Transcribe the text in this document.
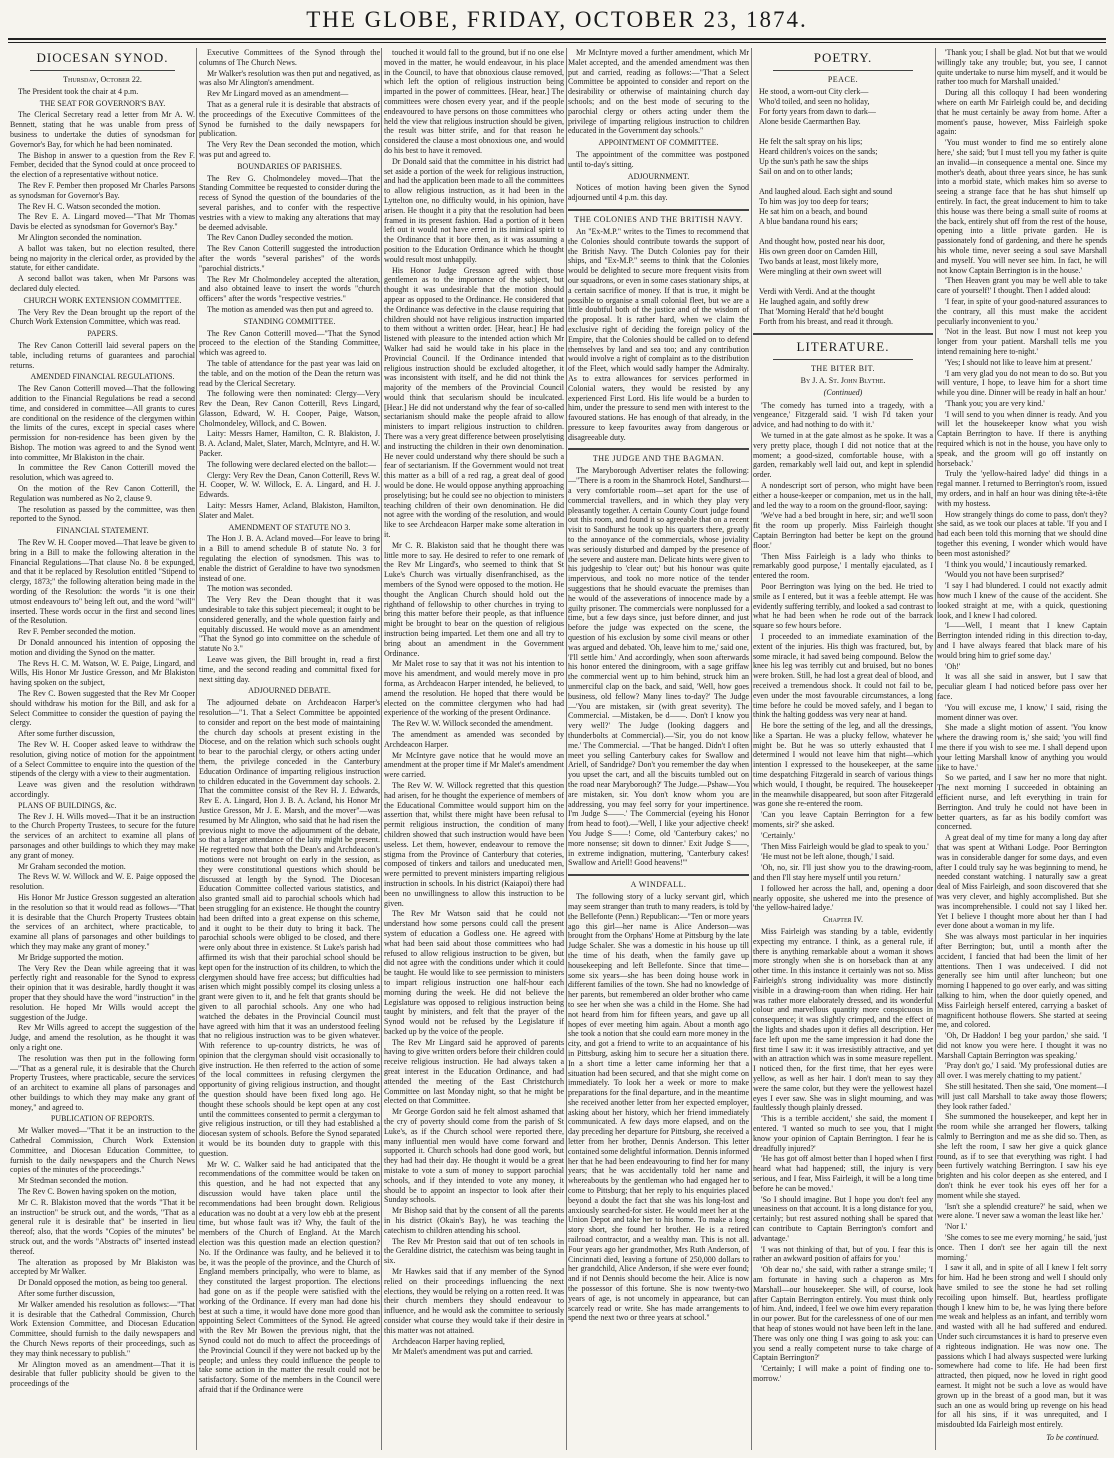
THE GLOBE, FRIDAY, OCTOBER 23, 1874.
DIOCESAN SYNOD.
Thursday, October 22.

The President took the chair at 4 p.m.

THE SEAT FOR GOVERNOR'S BAY.

The Clerical Secretary read a letter from Mr A. W. Bennett, stating that he was unable from press of business to undertake the duties of synodsman for Governor's Bay, for which he had been nominated.

The Bishop in answer to a question from the Rev F. Fember, decided that the Synod could at once proceed to the election of a representative without notice.

The Rev F. Pember then proposed Mr Charles Parsons as synodsman for Governor's Bay.

The Rev H. C. Watson seconded the motion.

The Rev E. A. Lingard moved—"That Mr Thomas Davis be elected as synodsman for Governor's Bay."

Mr Alington seconded the nomination.

A ballot was taken, but no election resulted, there being no majority in the clerical order, as provided by the statute, for either candidate.

A second ballot was taken, when Mr Parsons was declared duly elected.

CHURCH WORK EXTENSION COMMITTEE.

The Very Rev the Dean brought up the report of the Church Work Extension Committee, which was read.

PAPERS.

The Rev Canon Cotterill laid several papers on the table, including returns of guarantees and parochial returns.

AMENDED FINANCIAL REGULATIONS.

The Rev Canon Cotterill moved—That the following addition to the Financial Regulations be read a second time, and considered in committee—All grants to cures are conditional on the residence of the clergymen within the limits of the cures, except in special cases where permission for non-residence has been given by the Bishop. The motion was agreed to and the Synod went into committee, Mr Blakiston in the chair.

In committee the Rev Canon Cotterill moved the resolution, which was agreed to.

On the motion of the Rev Canon Cotterill, the Regulation was numbered as No 2, clause 9.

The resolution as passed by the committee, was then reported to the Synod.

FINANCIAL STATEMENT.

The Rev W. H. Cooper moved—That leave be given to bring in a Bill to make the following alteration in the Financial Regulations—That clause No. 8 be expunged, and that it be replaced by Resolution entitled "Stipend to clergy, 1873;" the following alteration being made in the wording of the Resolution: the words "it is one their utmost endeavours to" being left out, and the word "will" inserted. These words occur in the first and second lines of the Resolution.

Rev F. Pember seconded the motion.

Dr Donald announced his intention of opposing the motion and dividing the Synod on the matter.

The Revs H. C. M. Watson, W. E. Paige, Lingard, and Wills, His Honor Mr Justice Gresson, and Mr Blakiston having spoken on the subject,

The Rev C. Bowen suggested that the Rev Mr Cooper should withdraw his motion for the Bill, and ask for a Select Committee to consider the question of paying the clergy.

After some further discussion,

The Rev W. H. Cooper asked leave to withdraw the resolution, giving notice of motion for the appointment of a Select Committee to enquire into the question of the stipends of the clergy with a view to their augmentation.

Leave was given and the resolution withdrawn accordingly.

PLANS OF BUILDINGS, &c.

The Rev J. H. Wills moved—That it be an instruction to the Church Property Trustees, to secure for the future the services of an architect to examine all plans of parsonages and other buildings to which they may make any grant of money.

Mr Graham seconded the motion.

The Revs W. W. Willock and W. E. Paige opposed the resolution.

His Honor Mr Justice Gresson suggested an alteration in the resolution so that it would read as follows—"That it is desirable that the Church Property Trustees obtain the services of an architect, where practicable, to examine all plans of parsonages and other buildings to which they may make any grant of money."

Mr Bridge supported the motion.

The Very Rev the Dean while agreeing that it was perfectly right and reasonable for the Synod to express their opinion that it was desirable, hardly thought it was proper that they should have the word "instruction" in the resolution. He hoped Mr Wills would accept the suggestion of the Judge.

Rev Mr Wills agreed to accept the suggestion of the Judge, and amend the resolution, as he thought it was only a right one.

The resolution was then put in the following form—"That as a general rule, it is desirable that the Church Property Trustees, where practicable, secure the services of an architect to examine all plans of parsonages and other buildings to which they may make any grant of money," and agreed to.

PUBLICATION OF REPORTS.

Mr Walker moved—"That it be an instruction to the Cathedral Commission, Church Work Extension Committee, and Diocesan Education Committee, to furnish to the daily newspapers and the Church News copies of the minutes of the proceedings."

Mr Stedman seconded the motion.

The Rev C. Bowen having spoken on the motion,

Mr C. R. Blakiston moved that the words "That it be an instruction" be struck out, and the words, "That as a general rule it is desirable that" be inserted in lieu thereof; also, that the words "Copies of the minutes" be struck out, and the words "Abstracts of" inserted instead thereof.

The alteration as proposed by Mr Blakiston was accepted by Mr Walker.

Dr Donald opposed the motion, as being too general.

After some further discussion,

Mr Walker amended his resolution as follows:—"That it is desirable that the Cathedral Commission, Church Work Extension Committee, and Diocesan Education Committee, should furnish to the daily newspapers and the Church News reports of their proceedings, such as they may think necessary to publish."

Mr Alington moved as an amendment—That it is desirable that fuller publicity should be given to the proceedings of the

Executive Committees of the Synod through the columns of The Church News.

Mr Walker's resolution was then put and negatived, as was also Mr Alington's amendment.

Rev Mr Lingard moved as an amendment—

That as a general rule it is desirable that abstracts of the proceedings of the Executive Committees of the Synod be furnished to the daily newspapers for publication.

The Very Rev the Dean seconded the motion, which was put and agreed to.

BOUNDARIES OF PARISHES.

The Rev G. Cholmondeley moved—That the Standing Committee be requested to consider during the recess of Synod the question of the boundaries of the several parishes, and to confer with the respective vestries with a view to making any alterations that may be deemed advisable.

The Rev Canon Dudley seconded the motion.

The Rev Canon Cotterill suggested the introduction after the words "several parishes" of the words "parochial districts."

The Rev Mr Cholmondeley accepted the alteration, and also obtained leave to insert the words "church officers" after the words "respective vestries."

The motion as amended was then put and agreed to.

STANDING COMMITTEE.

The Rev Canon Cotterill moved—"That the Synod proceed to the election of the Standing Committee, which was agreed to.

The table of attendance for the past year was laid on the table, and on the motion of the Dean the return was read by the Clerical Secretary.

The following were then nominated: Clergy—Very Rev the Dean, Rev Canon Cotterill, Revs Lingard, Glasson, Edward, W. H. Cooper, Paige, Watson, Cholmondeley, Willock, and C. Bowen.

Laity: Messrs Hamer, Hamilton, C. R. Blakiston, J. B. A. Acland, Malet, Slater, March, McIntyre, and H. W. Packer.

The following were declared elected on the ballot:—

Clergy: Very Rev the Dean, Canon Cotterill, Revs W. H. Cooper, W. W. Willock, E. A. Lingard, and H. J. Edwards.

Laity: Messrs Hamer, Acland, Blakiston, Hamilton, Slater and Malet.

AMENDMENT OF STATUTE NO 3.

The Hon J. B. A. Acland moved—For leave to bring in a Bill to amend schedule B of statute No. 3 for regulating the election of synodsmen. This was to enable the district of Geraldine to have two synodsmen instead of one.

The motion was seconded.

The Very Rev the Dean thought that it was undesirable to take this subject piecemeal; it ought to be considered generally, and the whole question fairly and equitably discussed. He would move as an amendment "That the Synod go into committee on the schedule of statute No 3."

Leave was given, the Bill brought in, read a first time, and the second reading and committal fixed for next sitting day.

ADJOURNED DEBATE.

The adjourned debate on Archdeacon Harper's resolution—"1. That a Select Committee be appointed to consider and report on the best mode of maintaining the church day schools at present existing in the Diocese, and on the relation which such schools ought to bear to the parochial clergy, or others acting under them, the privilege conceded in the Canterbury Education Ordinance of imparting religious instruction to children educated in the Government day schools. 2. That the committee consist of the Rev H. J. Edwards, Rev E. A. Lingard, Hon J. B. A. Acland, his Honor Mr Justice Gresson, Mr J. E. Marsh, and the mover"—was resumed by Mr Alington, who said that he had risen the previous night to move the adjournment of the debate, so that a larger attendance of the laity might be present. He regretted now that both the Dean's and Archdeacon's motions were not brought on early in the session, as they were constitutional questions which should be discussed at length by the Synod. The Diocesan Education Committee collected various statistics, and also granted small aid to parochial schools which had been struggling for an existence. He thought the country had been drifted into a great expense on this scheme, and it ought to be their duty to bring it back. The parochial schools were obliged to be closed, and there were only about three in existence. St Luke's parish had affirmed its wish that their parochial school should be kept open for the instruction of its children, to which the clergymen should have free access; but difficulties had arisen which might possibly compel its closing unless a grant were given to it, and he felt that grants should be given to all parochial schools. Any one who had watched the debates in the Provincial Council must have agreed with him that it was an understood feeling that no religious instruction was to be given whatever. With reference to up-country districts, he was of opinion that the clergyman should visit occasionally to give instruction. He then referred to the action of some of the local committees in refusing clergymen the opportunity of giving religious instruction, and thought the question should have been fixed long ago. He thought these schools should be kept open at any cost until the committees consented to permit a clergyman to give religious instruction, or till they had established a diocesan system of schools. Before the Synod separated it would be its bounden duty to grapple with this question.

Mr W. C. Walker said he had anticipated that the recommendations of the committee would be taken on this question, and he had not expected that any discussion would have taken place until the recommendations had been brought down. Religious education was no doubt at a very low ebb at the present time, but whose fault was it? Why, the fault of the members of the Church of England. At the March election was this question made an election question? No. If the Ordinance was faulty, and he believed it to be, it was the people of the province, and the Church of England members principally, who were to blame, as they constituted the largest proportion. The elections had gone on as if the people were satisfied with the working of the Ordinance. If every man had done his best at such a time, it would have done more good than appointing Select Committees of the Synod. He agreed with the Rev Mr Bowen the previous night, that the Synod could not do much to affect the proceedings of the Provincial Council if they were not backed up by the people; and unless they could influence the people to take some action in the matter the result could not be satisfactory. Some of the members in the Council were afraid that if the Ordinance were

touched it would fall to the ground, but if no one else moved in the matter, he would endeavour, in his place in the Council, to have that obnoxious clause removed, which left the option of religious instruction being imparted in the power of committees. [Hear, hear.] The committees were chosen every year, and if the people endeavoured to have persons on those committees who held the view that religious instruction should be given, the result was bitter strife, and for that reason he considered the clause a most obnoxious one, and would do his best to have it removed.

Dr Donald said that the committee in his district had set aside a portion of the week for religious instruction, and had the application been made to all the committees to allow religious instruction, as it had been in the Lyttelton one, no difficulty would, in his opinion, have arisen. He thought it a pity that the resolution had been framed in its present fashion. Had a portion of it been left out it would not have erred in its inimical spirit to the Ordinance that it bore then, as it was assuming a position to the Education Ordinance which he thought would result most unhappily.

His Honor Judge Gresson agreed with those gentlemen as to the importance of the subject, but thought it was undesirable that the motion should appear as opposed to the Ordinance. He considered that the Ordinance was defective in the clause requiring that children should not have religious instruction imparted to them without a written order. [Hear, hear.] He had listened with pleasure to the intended action which Mr Walker had said he would take in his place in the Provincial Council. If the Ordinance intended that religious instruction should be excluded altogether, it was inconsistent with itself, and he did not think the majority of the members of the Provincial Council would think that secularism should be inculcated. [Hear.] He did not understand why the fear of so-called sectarianism should make the people afraid to allow ministers to impart religious instruction to children. There was a very great difference between proselytising and instructing the children in their own denomination. He never could understand why there should be such a fear of sectarianism. If the Government would not treat this matter as a bill of a red rag, a great deal of good would be done. He would oppose anything approaching proselytising; but he could see no objection to ministers teaching children of their own denomination. He did not agree with the wording of the resolution, and would like to see Archdeacon Harper make some alteration in it.

Mr C. R. Blakiston said that he thought there was little more to say. He desired to refer to one remark of the Rev Mr Lingard's, who seemed to think that St Luke's Church was virtually disenfranchised, as the members of the Synod were opposed to the motion. He thought the Anglican Church should hold out the righthand of fellowship to other churches in trying to bring this matter before their people, as that influence might be brought to bear on the question of religious instruction being imparted. Let them one and all try to bring about an amendment in the Government Ordinance.

Mr Malet rose to say that it was not his intention to move his amendment, and would merely move in pro forma, as Archdeacon Harper intended, he believed, to amend the resolution. He hoped that there would be elected on the committee clergymen who had had experience of the working of the present Ordinance.

The Rev W. W. Willock seconded the amendment.

The amendment as amended was seconded by Archdeacon Harper.

Mr McIntyre gave notice that he would move an amendment at the proper time if Mr Malet's amendment were carried.

The Rev W. W. Willock regretted that this question had arisen, for he thought the experience of members of the Educational Committee would support him on the assertion that, whilst there might have been refusal to permit religious instruction, the condition of many children showed that such instruction would have been useless. Let them, however, endeavour to remove the stigma from the Province of Canterbury that coteries, composed of tinkers and tailors and uneducated men, were permitted to prevent ministers imparting religious instruction in schools. In his district (Kaiapoi) there had been no unwillingness to allow this instruction to be given.

The Rev Mr Watson said that he could not understand how some persons could call the present system of education a Godless one. He agreed with what had been said about those committees who had refused to allow religious instruction to be given, but did not agree with the conditions under which it could be taught. He would like to see permission to ministers to impart religious instruction one half-hour each morning during the week. He did not believe the Legislature was opposed to religious instruction being taught by ministers, and felt that the prayer of the Synod would not be refused by the Legislature if backed up by the voice of the people.

The Rev Mr Lingard said he approved of parents having to give written orders before their children could receive religious instruction. He had always taken a great interest in the Education Ordinance, and had attended the meeting of the East Christchurch Committee on last Monday night, so that he might be elected on that Committee.

Mr George Gordon said he felt almost ashamed that the cry of poverty should come from the parish of St Luke's, as if the Church school were reported there, many influential men would have come forward and supported it. Church schools had done good work, but they had had their day. He thought it would be a great mistake to vote a sum of money to support parochial schools, and if they intended to vote any money, it should be to appoint an inspector to look after their Sunday schools.

Mr Bishop said that by the consent of all the parents in his district (Okain's Bay), he was teaching the catechism to children attending his school.

The Rev Mr Preston said that out of ten schools in the Geraldine district, the catechism was being taught in six.

Mr Hawkes said that if any member of the Synod relied on their proceedings influencing the next elections, they would be relying on a rotten reed. It was their church members they should endeavour to influence, and he would ask the committee to seriously consider what course they would take if their desire in this matter was not attained.

Archdeacon Harper having replied,

Mr Malet's amendment was put and carried.

Mr McIntyre moved a further amendment, which Mr Malet accepted, and the amended amendment was then put and carried, reading as follows:—"That a Select Committee be appointed to consider and report on the desirability or otherwise of maintaining church day schools; and on the best mode of securing to the parochial clergy or others acting under them the privilege of imparting religious instruction to children educated in the Government day schools."

APPOINTMENT OF COMMITTEE.

The appointment of the committee was postponed until to-day's sitting.

ADJOURNMENT.

Notices of motion having been given the Synod adjourned until 4 p.m. this day.

THE COLONIES AND THE BRITISH NAVY.

An "Ex-M.P." writes to the Times to recommend that the Colonies should contribute towards the support of the British Navy. The Dutch Colonies pay for their ships, and "Ex-M.P." seems to think that the Colonies would be delighted to secure more frequent visits from our squadrons, or even in some cases stationary ships, at a certain sacrifice of money. If that is true, it might be possible to organise a small colonial fleet, but we are a little doubtful both of the justice and of the wisdom of the proposal. It is rather hard, when we claim the exclusive right of deciding the foreign policy of the Empire, that the Colonies should be called on to defend themselves by land and sea too; and any contribution would involve a right of complaint as to the distribution of the Fleet, which would sadly hamper the Admiralty. As to extra allowances for services performed in Colonial waters, they would be resisted by any experienced First Lord. His life would be a burden to him, under the pressure to send men with interest to the favoured stations. He has enough of that already, in the pressure to keep favourites away from dangerous or disagreeable duty.

THE JUDGE AND THE BAGMAN.

The Maryborough Advertiser relates the following:—"There is a room in the Shamrock Hotel, Sandhurst—a very comfortable room—set apart for the use of commercial travellers, and in which they play very pleasantly together. A certain County Court judge found out this room, and found it so agreeable that on a recent visit to Sandhurst he took up his quarters there, greatly to the annoyance of the commercials, whose joviality was seriously disturbed and damped by the presence of the severe and austere man. Delicate hints were given to his judgeship to 'clear out;' but his honour was quite impervious, and took no more notice of the tender suggestions that he should evacuate the premises than he would of the asseverations of innocence made by a guilty prisoner. The commercials were nonplussed for a time, but a few days since, just before dinner, and just before the judge was expected on the scene, the question of his exclusion by some civil means or other was argued and debated. 'Oh, leave him to me,' said one, 'I'll settle him.' And accordingly, when soon afterwards his honor entered the diningroom, with a sage griffaw the commercial went up to him behind, struck him an unmerciful clap on the back, and said, 'Well, how goes business, old fellow? Many lines to-day?' The Judge—'You are mistaken, sir (with great severity). The Commercial. —Mistaken, be d——. Don't I know you very well?' The Judge (looking daggers and thunderbolts at Commercial).—'Sir, you do not know me.' The Commercial. —'That be hanged. Didn't I often meet you selling Canterbury cakes for Swallow and Ariell, of Sandridge? Don't you remember the day when you upset the cart, and all the biscuits tumbled out on the road near Maryborough?' The Judge.—Pshaw—You are mistaken, sir. You don't know whom you are addressing, you may feel sorry for your impertinence. I'm Judge S——.' The Commercial (eyeing his Honor from head to foot).—'Well, I like your adjective cheek! You Judge S——! Come, old 'Canterbury cakes;' no more nonsense; sit down to dinner.' Exit Judge S——, in extreme indignation, muttering, 'Canterbury cakes! Swallow and Ariell! Good heavens!'"

A WINDFALL.

The following story of a lucky servant girl, which may seem stranger than truth to many readers, is told by the Bellefonte (Penn.) Republican:—"Ten or more years ago this girl—her name is Alice Anderson—was brought from the Orphans' Home at Pittsburg by the late Judge Schaler. She was a domestic in his house up till the time of his death, when the family gave up housekeeping and left Bellefonte. Since that time—some six years—she has been doing house work in different families of the town. She had no knowledge of her parents, but remembered an older brother who came to see her when she was a child in the Home. She had not heard from him for fifteen years, and gave up all hopes of ever meeting him again. About a month ago she took a notion that she could earn more money in the city, and got a friend to write to an acquaintance of his in Pittsburg, asking him to secure her a situation there. In a short time a letter came informing her that a situation had been secured, and that she might come on immediately. To look her a week or more to make preparations for the final departure, and in the meantime she received another letter from her expected employer, asking about her history, which her friend immediately communicated. A few days more elapsed, and on the day preceding her departure for Pittsburg, she received a letter from her brother, Dennis Anderson. This letter contained some delightful information. Dennis informed her that he had been endeavouring to find her for many years; that he was accidentally told her name and whereabouts by the gentleman who had engaged her to come to Pittsburg; that her reply to his enquiries placed beyond a doubt the fact that she was his long-lost and anxiously searched-for sister. He would meet her at the Union Depot and take her to his home. To make a long story short, she found her brother. He is a retired railroad contractor, and a wealthy man. This is not all. Four years ago her grandmother, Mrs Ruth Anderson, of Cincinnati died, leaving a fortune of 250,000 dollars to her grandchild, Alice Anderson, if she were ever found; and if not Dennis should become the heir. Alice is now the possessor of this fortune. She is now twenty-two years of age, is not uncomely in appearance, but can scarcely read or write. She has made arrangements to spend the next two or three years at school."

POETRY.
PEACE.

He stood, a worn-out City clerk—
Who'd toiled, and seen no holiday,
For forty years from dawn to dark—
Alone beside Caermarthen Bay.

He felt the salt spray on his lips;
Heard children's voices on the sands;
Up the sun's path he saw the ships
Sail on and on to other lands;

And laughed aloud. Each sight and sound
To him was joy too deep for tears;
He sat him on a beach, and bound
A blue bandana round his ears;

And thought how, posted near his door,
His own green door on Camden Hill,
Two bands at least, most likely more,
Were mingling at their own sweet will

Verdi with Verdi. And at the thought
He laughed again, and softly drew
That 'Morning Herald' that he'd bought
Forth from his breast, and read it through.

LITERATURE.
THE BITER BIT.
By J. A. St. John Blythe.
(Continued)

'The comedy has turned into a tragedy, with a vengeance,' Fitzgerald said. 'I wish I'd taken your advice, and had nothing to do with it.'

We turned in at the gate almost as he spoke. It was a very pretty place, though I did not notice that at the moment; a good-sized, comfortable house, with a garden, remarkably well laid out, and kept in splendid order.

A nondescript sort of person, who might have been either a house-keeper or companion, met us in the hall, and led the way to a room on the ground-floor, saying:

'We've had a bed brought in here, sir; and we'll soon fit the room up properly. Miss Fairleigh thought Captain Berrington had better be kept on the ground floor.'

'Then Miss Fairleigh is a lady who thinks to remarkably good purpose,' I mentally ejaculated, as I entered the room.

Poor Berrington was lying on the bed. He tried to smile as I entered, but it was a feeble attempt. He was evidently suffering terribly, and looked a sad contrast to what he had been when he rode out of the barrack square so few hours before.

I proceeded to an immediate examination of the extent of the injuries. His thigh was fractured, but, by some miracle, it had saved being compound. Below the knee his leg was terribly cut and bruised, but no bones were broken. Still, he had lost a great deal of blood, and received a tremendous shock. It could not fail to be, even under the most favourable circumstances, a long time before he could be moved safely, and I began to think the halting goddess was very near at hand.

He bore the setting of the leg, and all the dressings, like a Spartan. He was a plucky fellow, whatever he might be. But he was so utterly exhausted that I determined I would not leave him that night—which intention I expressed to the housekeeper, at the same time despatching Fitzgerald in search of various things which would, I thought, be required. The housekeeper in the meanwhile disappeared, but soon after Fitzgerald was gone she re-entered the room.

'Can you leave Captain Berrington for a few moments, sir?' she asked.

'Certainly.'

'Then Miss Fairleigh would be glad to speak to you.'

'He must not be left alone, though,' I said.

'Oh, no, sir. I'll just show you to the drawing-room, and then I'll stay here myself until you return.'

I followed her across the hall, and, opening a door nearly opposite, she ushered me into the presence of 'the yellow-haired ladye.'

Chapter IV.

Miss Fairleigh was standing by a table, evidently expecting my entrance. I think, as a general rule, if there is anything remarkable about a woman it shows more strongly when she is on horseback than at any other time. In this instance it certainly was not so. Miss Fairleigh's strong individuality was more distinctly visible in a drawing-room than when riding. Her hair was rather more elaborately dressed, and its wonderful colour and marvellous quantity more conspicuous in consequence; it was slightly crimped, and the effect of the lights and shades upon it defies all description. Her face left upon me the same impression it had done the first time I saw it: it was irresistibly attractive, and yet with an attraction which was in some measure repellent. I noticed then, for the first time, that her eyes were yellow, as well as her hair. I don't mean to say they were the same color, but they were the yellowest hazel eyes I ever saw. She was in slight mourning, and was faultlessly though plainly dressed.

'This is a terrible accident,' she said, the moment I entered. 'I wanted so much to see you, that I might know your opinion of Captain Berrington. I fear he is dreadfully injured?'

'He has got off almost better than I hoped when I first heard what had happened; still, the injury is very serious, and I fear, Miss Fairleigh, it will be a long time before he can be moved.'

'So I should imagine. But I hope you don't feel any uneasiness on that account. It is a long distance for you, certainly; but rest assured nothing shall be spared that can contribute to Captain Berrington's comfort and advantage.'

'I was not thinking of that, but of you. I fear this is rather an awkward position of affairs for you.'

'Oh dear no,' she said, with rather a strange smile; 'I am fortunate in having such a chaperon as Mrs Marshall—our housekeeper. She will, of course, look after Captain Berrington entirely. You must think only of him. And, indeed, I feel we owe him every reparation in our power. But for the carelessness of one of our men that heap of stones would not have been left in the lane. There was only one thing I was going to ask you: can you send a really competent nurse to take charge of Captain Berrington?'

'Certainly; I will make a point of finding one to-morrow.'

'Thank you; I shall be glad. Not but that we would willingly take any trouble; but, you see, I cannot quite undertake to nurse him myself, and it would be rather too much for Marshall unaided.'

During all this colloquy I had been wondering where on earth Mr Fairleigh could be, and deciding that he must certainly be away from home. After a moment's pause, however, Miss Fairleigh spoke again:

'You must wonder to find me so entirely alone here,' she said; 'but I must tell you my father is quite an invalid—in consequence a mental one. Since my mother's death, about three years since, he has sunk into a morbid state, which makes him so averse to seeing a strange face that he has shut himself up entirely. In fact, the great inducement to him to take this house was there being a small suite of rooms at the back, entirely shut off from the rest of the house, opening into a little private garden. He is passionately fond of gardening, and there he spends his whole time, never seeing a soul save Marshall and myself. You will never see him. In fact, he will not know Captain Berrington is in the house.'

'Then Heaven grant you may be well able to take care of yourself!' I thought. Then I added aloud:

'I fear, in spite of your good-natured assurances to the contrary, all this must make the accident peculiarly inconvenient to you.'

'Not in the least. But now I must not keep you longer from your patient. Marshall tells me you intend remaining here to-night.'

'Yes; I should not like to leave him at present.'

'I am very glad you do not mean to do so. But you will venture, I hope, to leave him for a short time while you dine. Dinner will be ready in half an hour.'

'Thank you; you are very kind.'

'I will send to you when dinner is ready. And you will let the housekeeper know what you wish Captain Berrington to have. If there is anything required which is not in the house, you have only to speak, and the groom will go off instantly on horseback.'

Truly the 'yellow-haired ladye' did things in a regal manner. I returned to Berrington's room, issued my orders, and in half an hour was dining tête-à-tête with my hostess.

How strangely things do come to pass, don't they? she said, as we took our places at table. 'If you and I had each been told this morning that we should dine together this evening, I wonder which would have been most astonished?'

'I think you would,' I incautiously remarked.

'Would you not have been surprised?'

'I say I had blundered. I could not exactly admit how much I knew of the cause of the accident. She looked straight at me, with a quick, questioning look, and I knew I had colored.

'I——Well, I meant that I knew Captain Berrington intended riding in this direction to-day, and I have always feared that black mare of his would bring him to grief some day.'

'Oh!'

It was all she said in answer, but I saw that peculiar gleam I had noticed before pass over her face.

'You will excuse me, I know,' I said, rising the moment dinner was over.

She made a slight motion of assent. 'You know where the drawing room is,' she said; 'you will find me there if you wish to see me. I shall depend upon your letting Marshall know of anything you would like to have.'

So we parted, and I saw her no more that night. The next morning I succeeded in obtaining an efficient nurse, and left everything in train for Berrington. And truly he could not have been in better quarters, as far as his bodily comfort was concerned.

A great deal of my time for many a long day after that was spent at Withani Lodge. Poor Berrington was in considerable danger for some days, and even after I could truly say he was beginning to mend, he needed constant watching. I naturally saw a great deal of Miss Fairleigh, and soon discovered that she was very clever, and highly accomplished. But she was incomprehensible. I could not say I liked her. Yet I believe I thought more about her than I had ever done about a woman in my life.

She was always most particular in her inquiries after Berrington; but, until a month after the accident, I fancied that had been the limit of her attentions. Then I was undeceived. I did not generally see him until after luncheon; but one morning I happened to go over early, and was sitting talking to him, when the door quietly opened, and Miss Fairleigh herself entered, carrying a basket of magnificent hothouse flowers. She started at seeing me, and colored.

'Oh, Dr Haddon! I beg your pardon,' she said. 'I did not know you were here. I thought it was no Marshall Captain Berrington was speaking.'

'Pray don't go,' I said. 'My professional duties are all over. I was merely chatting to my patient.'

She still hesitated. Then she said, 'One moment—I will just call Marshall to take away those flowers; they look rather faded.'

She summoned the housekeeper, and kept her in the room while she arranged her flowers, talking calmly to Berrington and me as she did so. Then, as she left the room, I saw her give a quick glance round, as if to see that everything was right. I had been furtively watching Berrington. I saw his eye brighten and his color deepen as she entered, and I don't think he ever took his eyes off her for a moment while she stayed.

'Isn't she a splendid creature?' he said, when we were alone. 'I never saw a woman the least like her.'

'Nor I.'

'She comes to see me every morning,' he said, 'just once. Then I don't see her again till the next morning.'

I saw it all, and in spite of all I knew I felt sorry for him. Had he been strong and well I should only have smiled to see the stone he had set rolling recoiling upon himself. But, heartless profligate though I knew him to be, he was lying there before me weak and helpless as an infant, and terribly worn and wasted with all he had suffered and endured. Under such circumstances it is hard to preserve even a righteous indignation. He was now one. The passions which I had always suspected were lurking somewhere had come to life. He had been first attracted, then piqued, now he loved in right good earnest. It might not be such a love as would have grown up in the breast of a good man, but it was such an one as would bring up revenge on his head for all his sins, if it was unrequited, and I misdoubted Ida Fairleigh most entirely.

To be continued.
